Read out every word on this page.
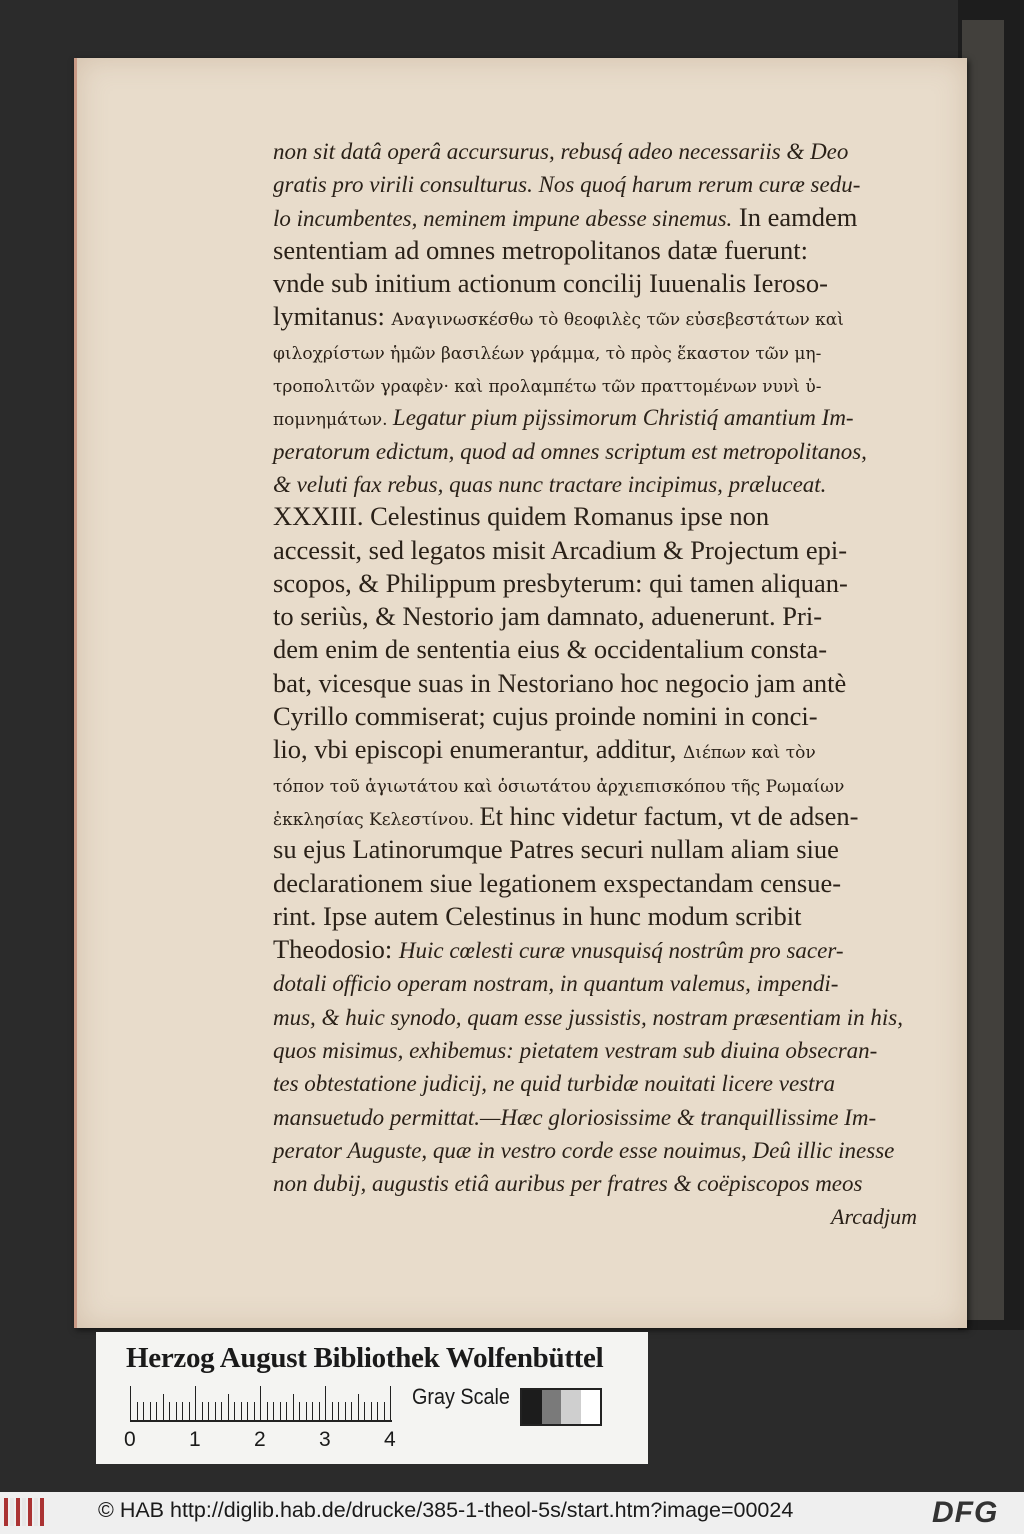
non sit datâ operâ accursurus, rebusq́ adeo necessariis & Deo
gratis pro virili consulturus. Nos quoq́ harum rerum curæ sedu-
lo incumbentes, neminem impune abesse sinemus. In eamdem
sententiam ad omnes metropolitanos datæ fuerunt:
vnde sub initium actionum concilij Iuuenalis Ieroso-
lymitanus: Αναγινωσκέσθω τὸ θεοφιλὲς τῶν εὐσεβεστάτων καὶ
φιλοχρίστων ἡμῶν βασιλέων γράμμα, τὸ πρὸς ἕκαστον τῶν μη-
τροπολιτῶν γραφὲν· καὶ προλαμπέτω τῶν πραττομένων νυνὶ ὑ-
πομνημάτων. Legatur pium pijssimorum Christiq́ amantium Im-
peratorum edictum, quod ad omnes scriptum est metropolitanos,
& veluti fax rebus, quas nunc tractare incipimus, præluceat.
XXXIII. Celestinus quidem Romanus ipse non
accessit, sed legatos misit Arcadium & Projectum epi-
scopos, & Philippum presbyterum: qui tamen aliquan-
to seriùs, & Nestorio jam damnato, aduenerunt. Pri-
dem enim de sententia eius & occidentalium consta-
bat, vicesque suas in Nestoriano hoc negocio jam antè
Cyrillo commiserat; cujus proinde nomini in conci-
lio, vbi episcopi enumerantur, additur, Διέπων καὶ τὸν
τόπον τοῦ ἁγιωτάτου καὶ ὁσιωτάτου ἀρχιεπισκόπου τῆς Ρωμαίων
ἐκκλησίας Κελεστίνου. Et hinc videtur factum, vt de adsen-
su ejus Latinorumque Patres securi nullam aliam siue
declarationem siue legationem exspectandam censue-
rint. Ipse autem Celestinus in hunc modum scribit
Theodosio: Huic cœlesti curæ vnusquisq́ nostrûm pro sacer-
dotali officio operam nostram, in quantum valemus, impendi-
mus, & huic synodo, quam esse jussistis, nostram præsentiam in his,
quos misimus, exhibemus: pietatem vestram sub diuina obsecran-
tes obtestatione judicij, ne quid turbidæ nouitati licere vestra
mansuetudo permittat.—Hæc gloriosissime & tranquillissime Im-
perator Auguste, quæ in vestro corde esse nouimus, Deû illic inesse
non dubij, augustis etiâ auribus per fratres & coëpiscopos meos
Arcadjum
Herzog August Bibliothek Wolfenbüttel
0	1	2	3	4
Gray Scale
© HAB http://diglib.hab.de/drucke/385-1-theol-5s/start.htm?image=00024	DFG
